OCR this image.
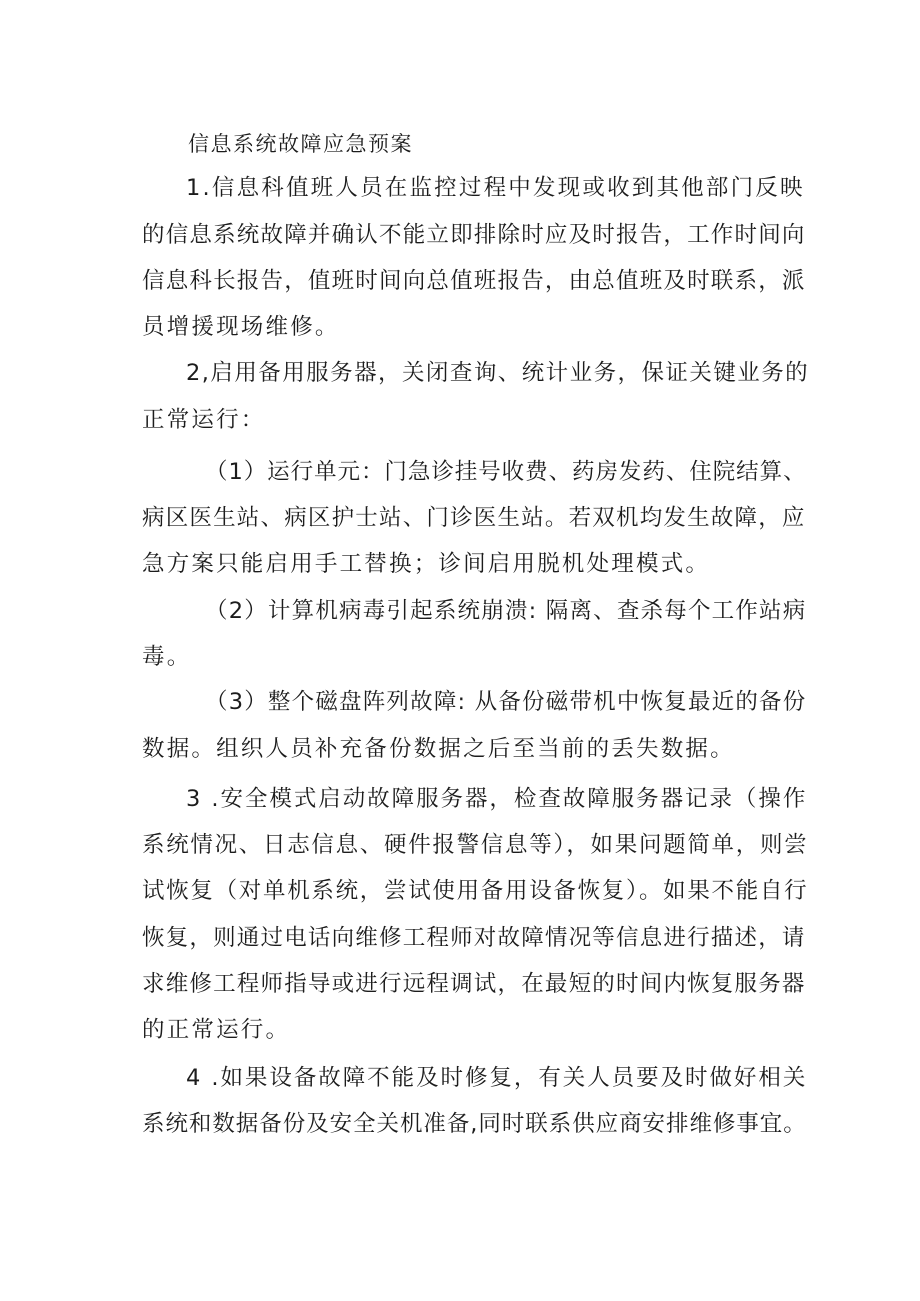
信息系统故障应急预案
1.信息科值班人员在监控过程中发现或收到其他部门反映
的信息系统故障并确认不能立即排除时应及时报告，工作时间向
信息科长报告，值班时间向总值班报告，由总值班及时联系，派
员增援现场维修。
2,启用备用服务器，关闭查询、统计业务，保证关键业务的
正常运行：
（1）运行单元：门急诊挂号收费、药房发药、住院结算、
病区医生站、病区护士站、门诊医生站。若双机均发生故障，应
急方案只能启用手工替换；诊间启用脱机处理模式。
（2）计算机病毒引起系统崩溃: 隔离、查杀每个工作站病
毒。
（3）整个磁盘阵列故障: 从备份磁带机中恢复最近的备份
数据。组织人员补充备份数据之后至当前的丢失数据。
3 .安全模式启动故障服务器，检查故障服务器记录（操作
系统情况、日志信息、硬件报警信息等），如果问题简单，则尝
试恢复（对单机系统，尝试使用备用设备恢复）。如果不能自行
恢复，则通过电话向维修工程师对故障情况等信息进行描述，请
求维修工程师指导或进行远程调试，在最短的时间内恢复服务器
的正常运行。
4 .如果设备故障不能及时修复，有关人员要及时做好相关
系统和数据备份及安全关机准备,同时联系供应商安排维修事宜。
